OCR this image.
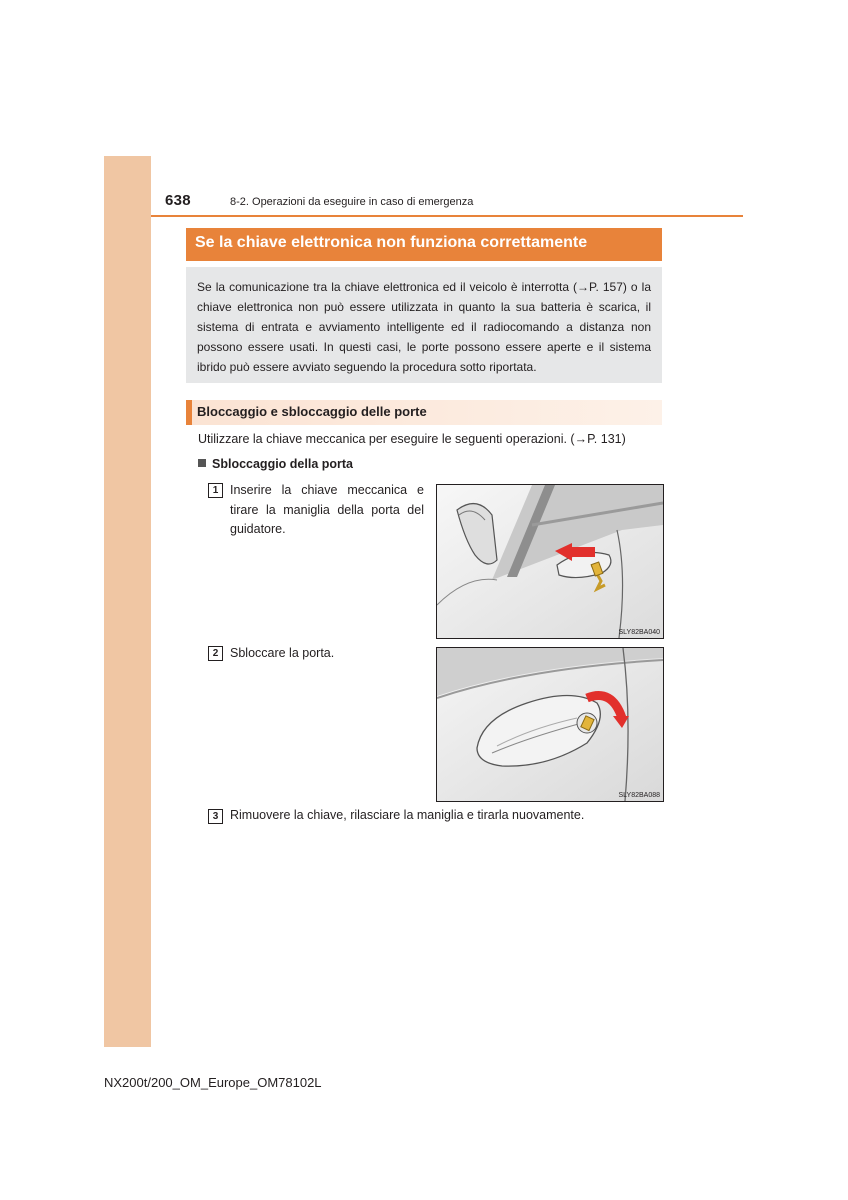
638	8-2. Operazioni da eseguire in caso di emergenza
Se la chiave elettronica non funziona correttamente
Se la comunicazione tra la chiave elettronica ed il veicolo è interrotta (→P. 157) o la chiave elettronica non può essere utilizzata in quanto la sua batteria è scarica, il sistema di entrata e avviamento intelligente ed il radiocomando a distanza non possono essere usati. In questi casi, le porte possono essere aperte e il sistema ibrido può essere avviato seguendo la procedura sotto riportata.
Bloccaggio e sbloccaggio delle porte
Utilizzare la chiave meccanica per eseguire le seguenti operazioni. (→P. 131)
Sbloccaggio della porta
1 Inserire la chiave meccanica e tirare la maniglia della porta del guidatore.
SLY82BA040
2 Sbloccare la porta.
SLY82BA088
3 Rimuovere la chiave, rilasciare la maniglia e tirarla nuovamente.
NX200t/200_OM_Europe_OM78102L
